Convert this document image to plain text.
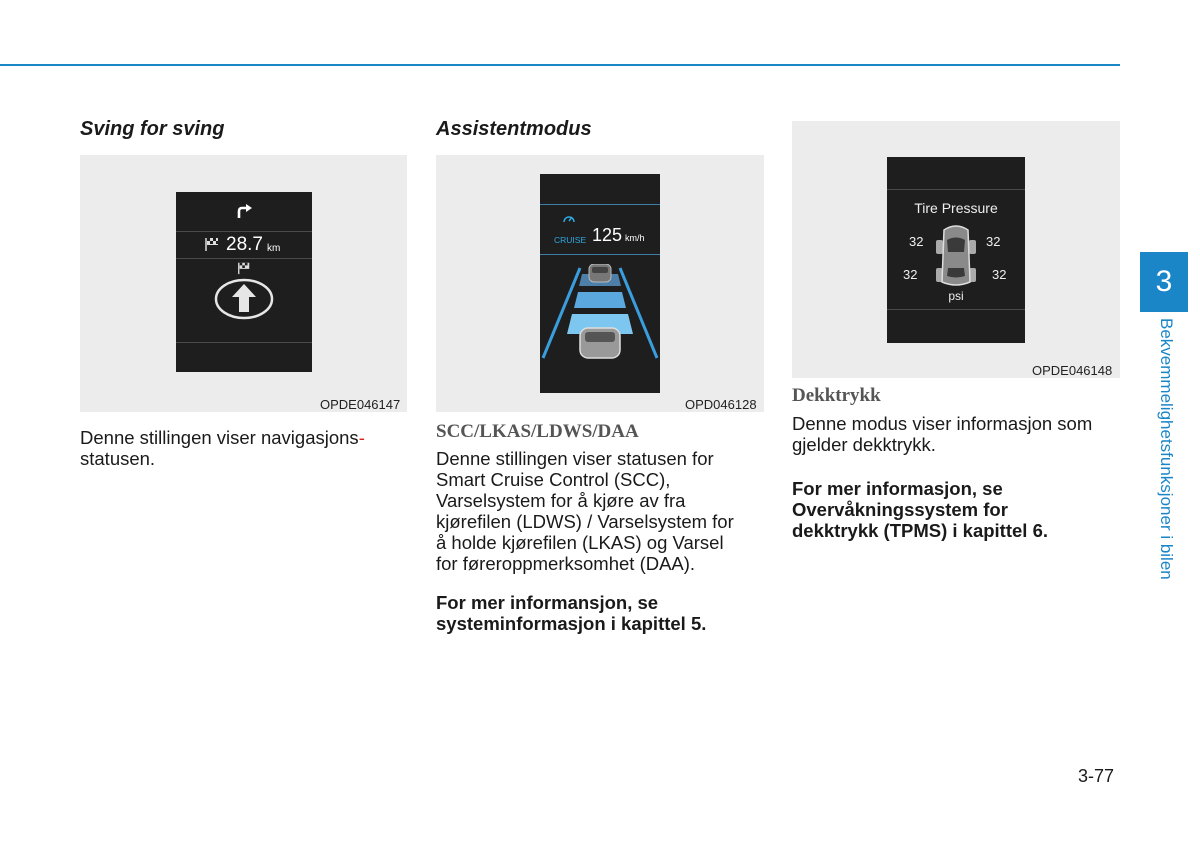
Sving for sving
28.7 km
OPDE046147
Denne stillingen viser navigasjons-
statusen.
Assistentmodus
CRUISE 125 km/h
OPD046128
SCC/LKAS/LDWS/DAA
Denne stillingen viser statusen for
Smart Cruise Control (SCC),
Varselsystem for å kjøre av fra
kjørefilen (LDWS) / Varselsystem for
å holde kjørefilen (LKAS) og Varsel
for føreroppmerksomhet (DAA).
For mer informansjon, se
systeminformasjon i kapittel 5.
Tire Pressure
32	32
32	32
psi
OPDE046148
Dekktrykk
Denne modus viser informasjon som
gjelder dekktrykk.
For mer informasjon, se
Overvåkningssystem for
dekktrykk (TPMS) i kapittel 6.
3
Bekvemmelighetsfunksjoner i bilen
3-77
